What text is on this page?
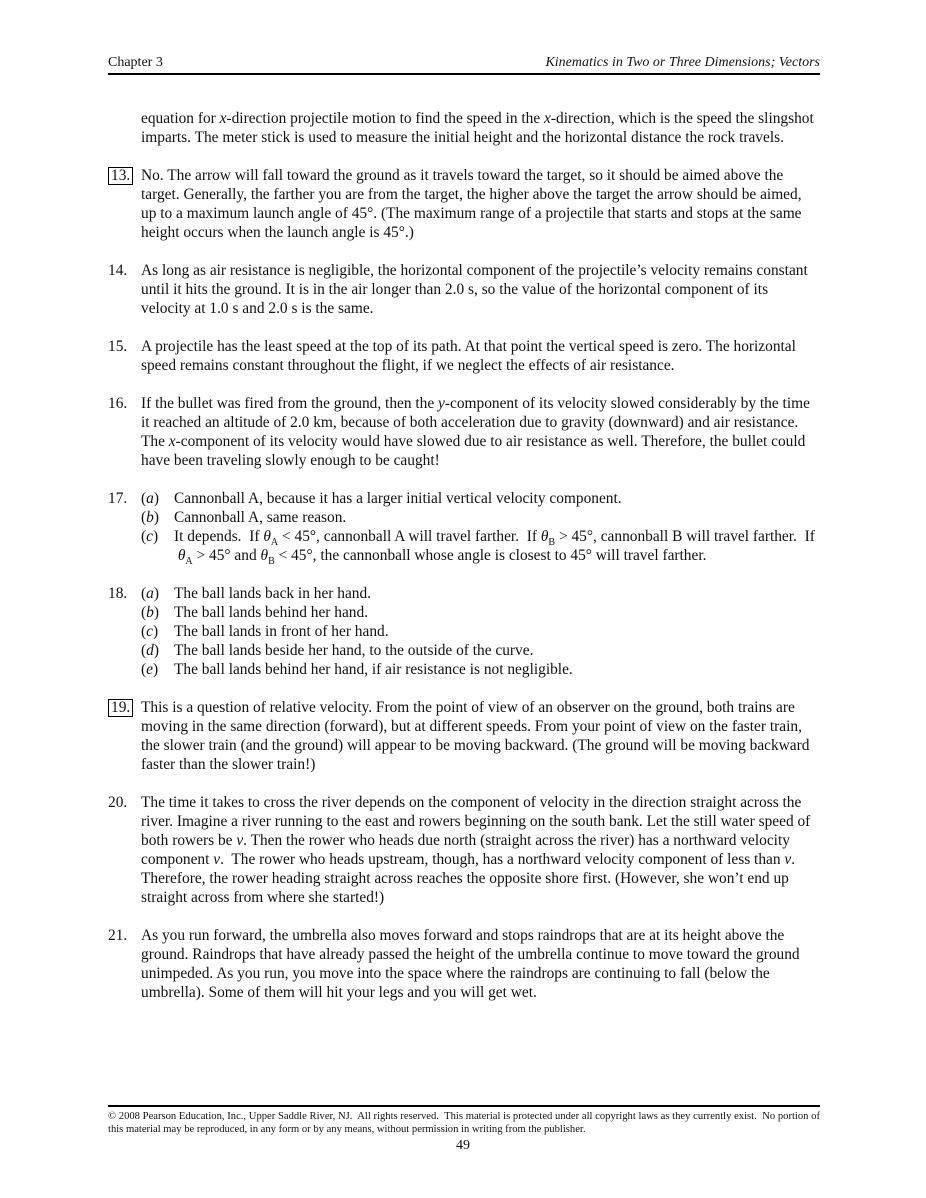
Chapter 3	Kinematics in Two or Three Dimensions; Vectors
equation for x-direction projectile motion to find the speed in the x-direction, which is the speed the slingshot imparts. The meter stick is used to measure the initial height and the horizontal distance the rock travels.
13. No. The arrow will fall toward the ground as it travels toward the target, so it should be aimed above the target. Generally, the farther you are from the target, the higher above the target the arrow should be aimed, up to a maximum launch angle of 45°. (The maximum range of a projectile that starts and stops at the same height occurs when the launch angle is 45°.)
14. As long as air resistance is negligible, the horizontal component of the projectile’s velocity remains constant until it hits the ground. It is in the air longer than 2.0 s, so the value of the horizontal component of its velocity at 1.0 s and 2.0 s is the same.
15. A projectile has the least speed at the top of its path. At that point the vertical speed is zero. The horizontal speed remains constant throughout the flight, if we neglect the effects of air resistance.
16. If the bullet was fired from the ground, then the y-component of its velocity slowed considerably by the time it reached an altitude of 2.0 km, because of both acceleration due to gravity (downward) and air resistance. The x-component of its velocity would have slowed due to air resistance as well. Therefore, the bullet could have been traveling slowly enough to be caught!
17. (a) Cannonball A, because it has a larger initial vertical velocity component.
(b) Cannonball A, same reason.
(c) It depends.  If $\theta_A < 45^\circ$, cannonball A will travel farther.  If $\theta_B > 45^\circ$, cannonball B will travel farther.  If  $\theta_A > 45^\circ$ and $\theta_B < 45^\circ$, the cannonball whose angle is closest to 45° will travel farther.
18. (a) The ball lands back in her hand.
(b) The ball lands behind her hand.
(c) The ball lands in front of her hand.
(d) The ball lands beside her hand, to the outside of the curve.
(e) The ball lands behind her hand, if air resistance is not negligible.
19. This is a question of relative velocity. From the point of view of an observer on the ground, both trains are moving in the same direction (forward), but at different speeds. From your point of view on the faster train, the slower train (and the ground) will appear to be moving backward. (The ground will be moving backward faster than the slower train!)
20. The time it takes to cross the river depends on the component of velocity in the direction straight across the river. Imagine a river running to the east and rowers beginning on the south bank. Let the still water speed of both rowers be v. Then the rower who heads due north (straight across the river) has a northward velocity component v.  The rower who heads upstream, though, has a northward velocity component of less than v. Therefore, the rower heading straight across reaches the opposite shore first. (However, she won’t end up straight across from where she started!)
21. As you run forward, the umbrella also moves forward and stops raindrops that are at its height above the ground. Raindrops that have already passed the height of the umbrella continue to move toward the ground unimpeded. As you run, you move into the space where the raindrops are continuing to fall (below the umbrella). Some of them will hit your legs and you will get wet.
© 2008 Pearson Education, Inc., Upper Saddle River, NJ.  All rights reserved.  This material is protected under all copyright laws as they currently exist.  No portion of this material may be reproduced, in any form or by any means, without permission in writing from the publisher.
49
